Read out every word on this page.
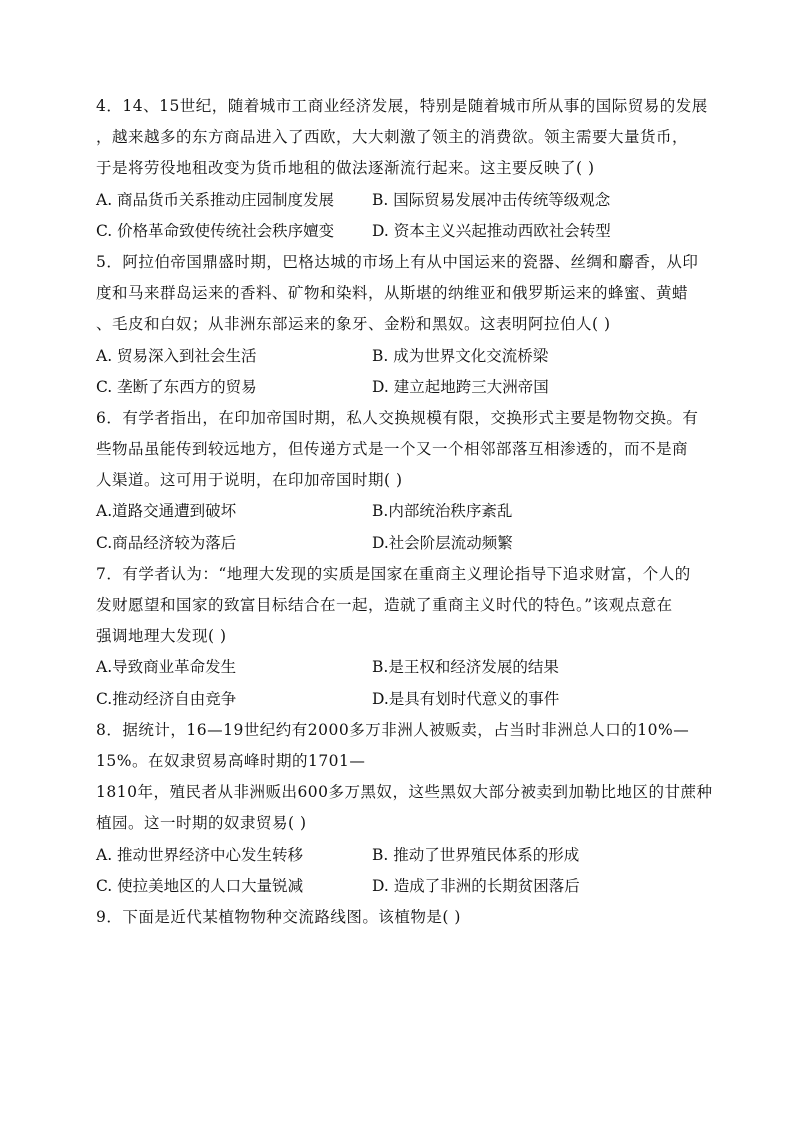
4．14、15世纪，随着城市工商业经济发展，特别是随着城市所从事的国际贸易的发展
，越来越多的东方商品进入了西欧，大大刺激了领主的消费欲。领主需要大量货币，
于是将劳役地租改变为货币地租的做法逐渐流行起来。这主要反映了( )
A. 商品货币关系推动庄园制度发展	B. 国际贸易发展冲击传统等级观念
C. 价格革命致使传统社会秩序嬗变	D. 资本主义兴起推动西欧社会转型
5．阿拉伯帝国鼎盛时期，巴格达城的市场上有从中国运来的瓷器、丝绸和麝香，从印
度和马来群岛运来的香料、矿物和染料，从斯堪的纳维亚和俄罗斯运来的蜂蜜、黄蜡
、毛皮和白奴；从非洲东部运来的象牙、金粉和黑奴。这表明阿拉伯人( )
A. 贸易深入到社会生活	B. 成为世界文化交流桥梁
C. 垄断了东西方的贸易	D. 建立起地跨三大洲帝国
6．有学者指出，在印加帝国时期，私人交换规模有限，交换形式主要是物物交换。有
些物品虽能传到较远地方，但传递方式是一个又一个相邻部落互相渗透的，而不是商
人渠道。这可用于说明，在印加帝国时期( )
A.道路交通遭到破坏	B.内部统治秩序紊乱
C.商品经济较为落后	D.社会阶层流动频繁
7．有学者认为：“地理大发现的实质是国家在重商主义理论指导下追求财富，个人的
发财愿望和国家的致富目标结合在一起，造就了重商主义时代的特色。”该观点意在
强调地理大发现( )
A.导致商业革命发生	B.是王权和经济发展的结果
C.推动经济自由竞争	D.是具有划时代意义的事件
8．据统计，16—19世纪约有2000多万非洲人被贩卖，占当时非洲总人口的10%—
15%。在奴隶贸易高峰时期的1701—
1810年，殖民者从非洲贩出600多万黑奴，这些黑奴大部分被卖到加勒比地区的甘蔗种
植园。这一时期的奴隶贸易( )
A. 推动世界经济中心发生转移	B. 推动了世界殖民体系的形成
C. 使拉美地区的人口大量锐减	D. 造成了非洲的长期贫困落后
9．下面是近代某植物物种交流路线图。该植物是( )
